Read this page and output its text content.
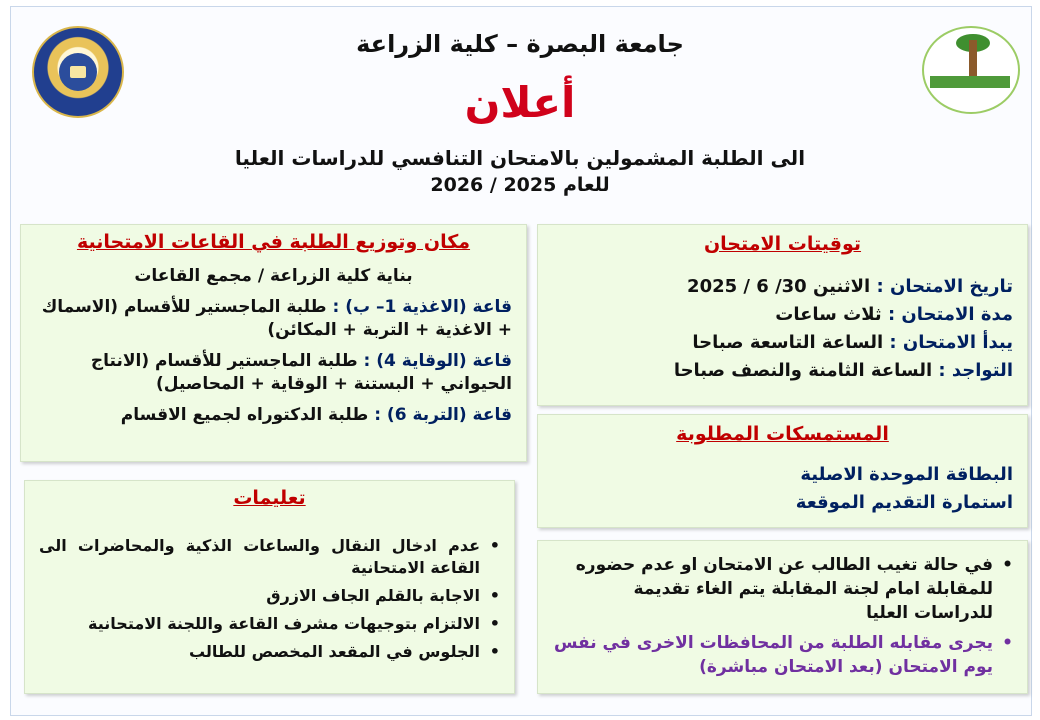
جامعة البصرة – كلية الزراعة
أعلان
الى الطلبة المشمولين بالامتحان التنافسي للدراسات العليا
للعام 2025 / 2026
توقيتات الامتحان
تاريخ الامتحان : الاثنين 30/ 6 / 2025
مدة الامتحان : ثلاث ساعات
يبدأ الامتحان : الساعة التاسعة صباحا
التواجد : الساعة الثامنة والنصف صباحا
المستمسكات المطلوبة
البطاقة الموحدة الاصلية
استمارة التقديم الموقعة
•
في حالة تغيب الطالب عن الامتحان او عدم حضوره للمقابلة امام لجنة المقابلة يتم الغاء تقديمة للدراسات العليا
•
يجرى مقابله الطلبة من المحافظات الاخرى في نفس يوم الامتحان (بعد الامتحان مباشرة)
مكان وتوزيع الطلبة في القاعات الامتحانية
بناية كلية الزراعة / مجمع القاعات
قاعة (الاغذية 1– ب) : طلبة الماجستير للأقسام (الاسماك + الاغذية + التربة + المكائن)
قاعة (الوقاية 4) : طلبة الماجستير للأقسام (الانتاج الحيواني + البستنة + الوقاية + المحاصيل)
قاعة (التربة 6) : طلبة الدكتوراه لجميع الاقسام
تعليمات
•
عدم ادخال النقال والساعات الذكية والمحاضرات الى القاعة الامتحانية
•
الاجابة بالقلم الجاف الازرق
•
الالتزام بتوجيهات مشرف القاعة واللجنة الامتحانية
•
الجلوس في المقعد المخصص للطالب
